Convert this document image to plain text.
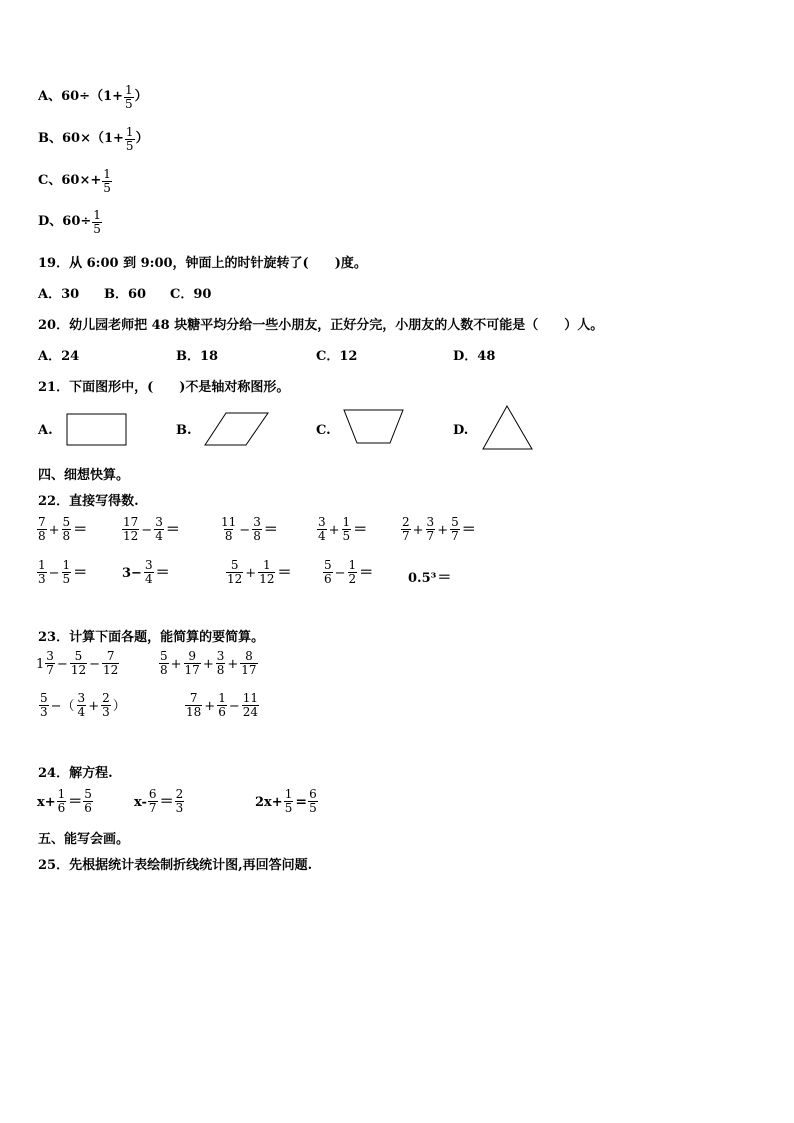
A、$60\div(1+ \frac{1}{5}$ ）
B、$60\times(1+ \frac{1}{5}$ ）
C、$60\times+ \frac{1}{5}$
D、$60\div \frac{1}{5}$
19．从 6:00 到 9:00，钟面上的时针旋转了(　　)度。
A．30 B．60 C．90
20．幼儿园老师把 48 块糖平均分给一些小朋友，正好分完，小朋友的人数不可能是（　　）人。
A．24	B．18	C．12	D．48
21．下面图形中，(　　)不是轴对称图形。
A.	B.	C.	D.
四、细想快算。
22．直接写得数.
$\frac{7}{8} + \frac{5}{8}$ ＝	$\frac{17}{12} - \frac{3}{4}$ ＝	$\frac{11}{8} - \frac{3}{8}$ ＝	$\frac{3}{4} + \frac{1}{5}$ ＝	$\frac{2}{7} + \frac{3}{7} + \frac{5}{7}$ ＝
$\frac{1}{3} - \frac{1}{5}$ ＝	$3- \frac{3}{4}$ ＝	$\frac{5}{12} + \frac{1}{12}$ ＝	$\frac{5}{6} - \frac{1}{2}$ ＝	0.5³＝
23．计算下面各题，能简算的要简算。
$1 \frac{3}{7} - \frac{5}{12} - \frac{7}{12}$	$\frac{5}{8} + \frac{9}{17} + \frac{3}{8} + \frac{8}{17}$
$\frac{5}{3}$ −（ $\frac{3}{4} + \frac{2}{3}$ ）	$\frac{7}{18} + \frac{1}{6} - \frac{11}{24}$
24．解方程.
$x+ \frac{1}{6} = \frac{5}{6}$	$x- \frac{6}{7} = \frac{2}{3}$	$2x+ \frac{1}{5} = \frac{6}{5}$
五、能写会画。
25．先根据统计表绘制折线统计图,再回答问题.
